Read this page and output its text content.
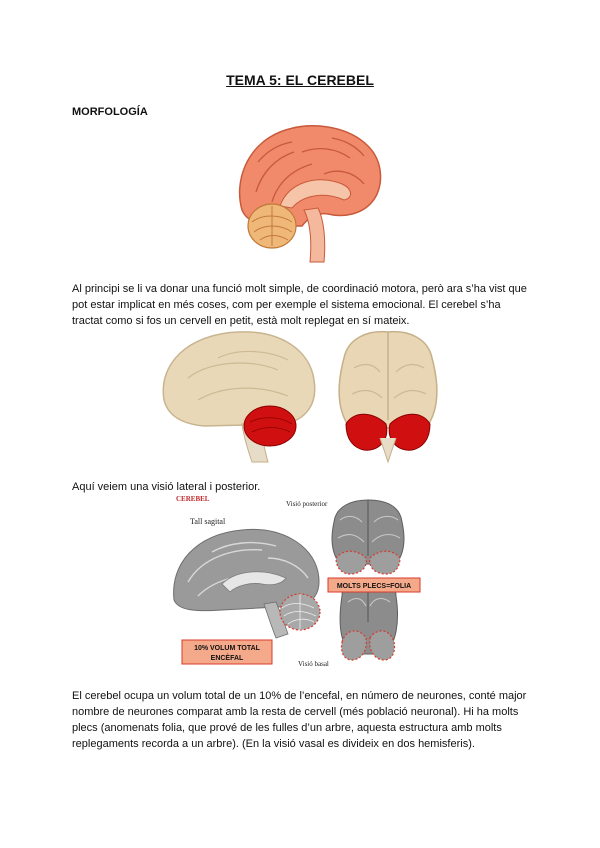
TEMA 5: EL CEREBEL
MORFOLOGÍA
Al principi se li va donar una funció molt simple, de coordinació motora, però ara s’ha vist que pot estar implicat en més coses, com per exemple el sistema emocional. El cerebel s’ha tractat como si fos un cervell en petit, està molt replegat en sí mateix.
Aquí veiem una visió lateral i posterior.
CEREBEL
Tall sagital
Visió posterior
Visió basal
MOLTS PLECS=FOLIA
10% VOLUM TOTAL
ENCÈFAL
El cerebel ocupa un volum total de un 10% de l’encefal, en número de neurones, conté major nombre de neurones comparat amb la resta de cervell (més població neuronal). Hi ha molts plecs (anomenats folia, que prové de les fulles d’un arbre, aquesta estructura amb molts replegaments recorda a un arbre). (En la visió vasal es divideix en dos hemisferis).
